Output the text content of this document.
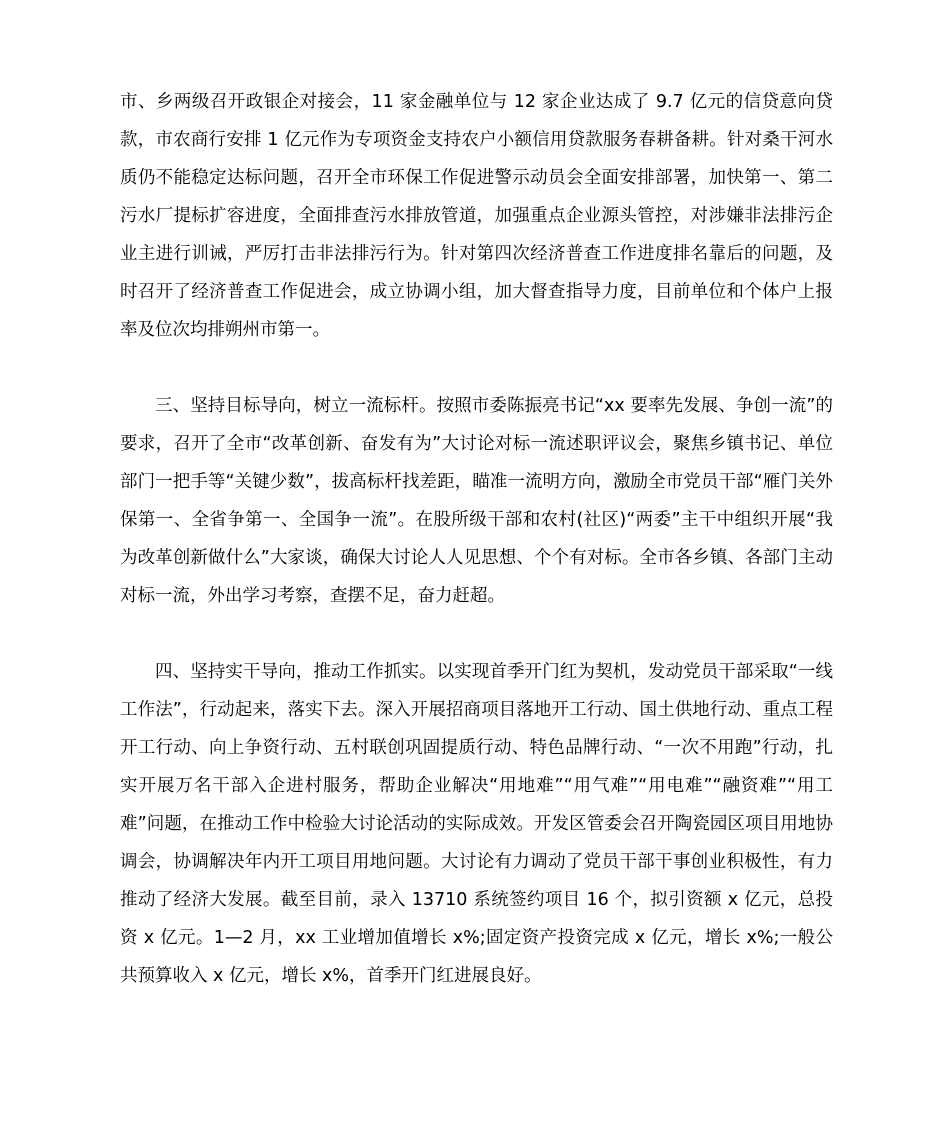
市、乡两级召开政银企对接会，11 家金融单位与 12 家企业达成了 9.7 亿元的信贷意向贷款，市农商行安排 1 亿元作为专项资金支持农户小额信用贷款服务春耕备耕。针对桑干河水质仍不能稳定达标问题，召开全市环保工作促进警示动员会全面安排部署，加快第一、第二污水厂提标扩容进度，全面排查污水排放管道，加强重点企业源头管控，对涉嫌非法排污企业主进行训诫，严厉打击非法排污行为。针对第四次经济普查工作进度排名靠后的问题，及时召开了经济普查工作促进会，成立协调小组，加大督查指导力度，目前单位和个体户上报率及位次均排朔州市第一。

三、坚持目标导向，树立一流标杆。按照市委陈振亮书记“xx 要率先发展、争创一流”的要求，召开了全市“改革创新、奋发有为”大讨论对标一流述职评议会，聚焦乡镇书记、单位部门一把手等“关键少数”，拔高标杆找差距，瞄准一流明方向，激励全市党员干部“雁门关外保第一、全省争第一、全国争一流”。在股所级干部和农村(社区)“两委”主干中组织开展“我为改革创新做什么”大家谈，确保大讨论人人见思想、个个有对标。全市各乡镇、各部门主动对标一流，外出学习考察，查摆不足，奋力赶超。

四、坚持实干导向，推动工作抓实。以实现首季开门红为契机，发动党员干部采取“一线工作法”，行动起来，落实下去。深入开展招商项目落地开工行动、国土供地行动、重点工程开工行动、向上争资行动、五村联创巩固提质行动、特色品牌行动、“一次不用跑”行动，扎实开展万名干部入企进村服务，帮助企业解决“用地难”“用气难”“用电难”“融资难”“用工难”问题，在推动工作中检验大讨论活动的实际成效。开发区管委会召开陶瓷园区项目用地协调会，协调解决年内开工项目用地问题。大讨论有力调动了党员干部干事创业积极性，有力推动了经济大发展。截至目前，录入 13710 系统签约项目 16 个，拟引资额 x 亿元，总投资 x 亿元。1—2 月，xx 工业增加值增长 x%;固定资产投资完成 x 亿元，增长 x%;一般公共预算收入 x 亿元，增长 x%，首季开门红进展良好。
